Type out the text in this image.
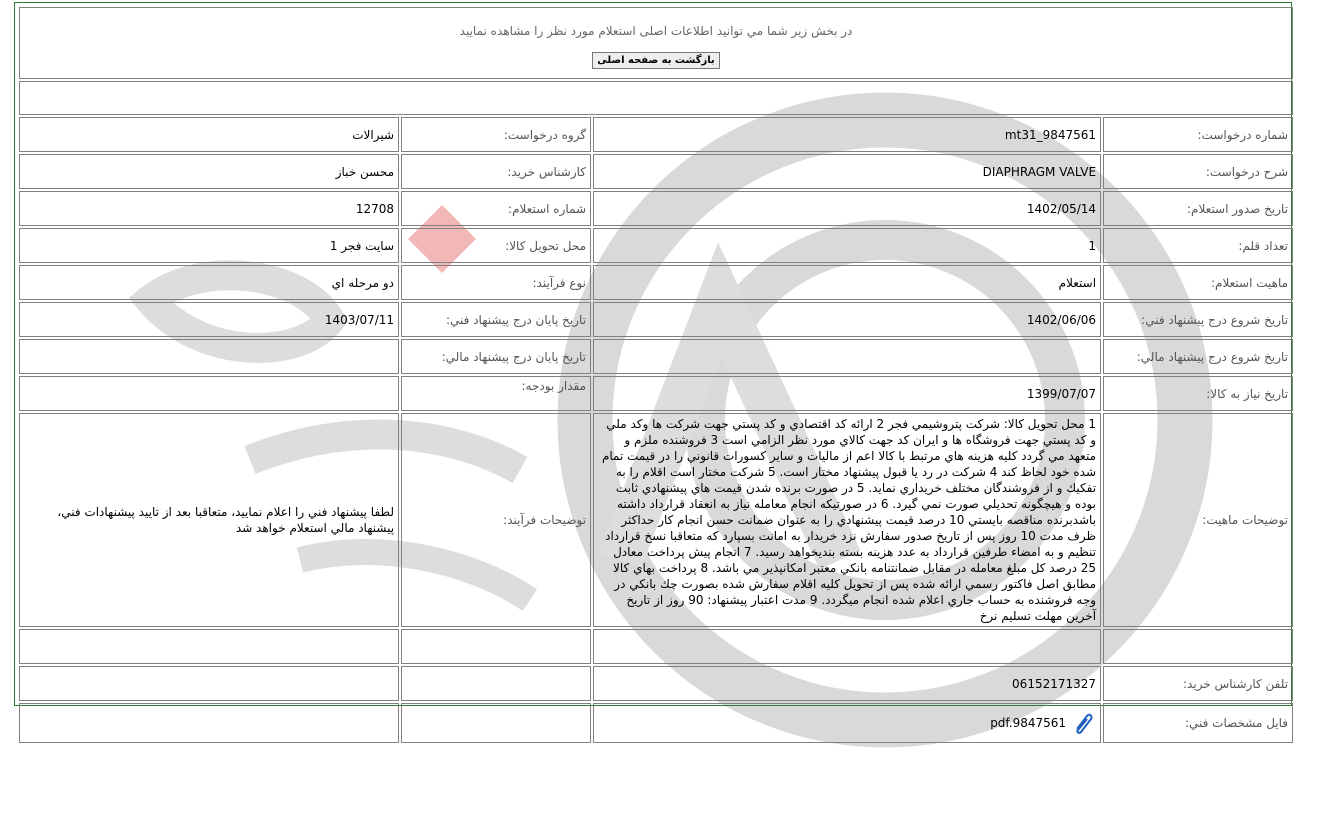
در بخش زير شما مي توانيد اطلاعات اصلی استعلام مورد نظر را مشاهده نماييد
بازگشت به صفحه اصلی			

شماره درخواست:	mt31_9847561	گروه درخواست:	شيرالات
شرح درخواست:	DIAPHRAGM VALVE	كارشناس خريد:	محسن خباز
تاريخ صدور استعلام:	1402/05/14	شماره استعلام:	12708
تعداد قلم:	1	محل تحويل كالا:	سايت فجر 1
ماهيت استعلام:	استعلام	نوع فرآيند:	دو مرحله اي
تاريخ شروع درج پيشنهاد فني:	1402/06/06	تاريخ پايان درج پيشنهاد فني:	1403/07/11
تاريخ شروع درج پيشنهاد مالي:		تاريخ پايان درج پيشنهاد مالي:	
تاريخ نياز به كالا:	1399/07/07	مقدار بودجه:	
توضيحات ماهيت:	1 محل تحويل كالا: شركت پتروشيمي فجر 2 ارائه كد اقتصادي و كد پستي جهت شركت ها وكد ملي و كد پستي جهت فروشگاه ها و ايران كد جهت كالاي مورد نظر الزامي است 3 فروشنده ملزم و متعهد مي گردد كليه هزينه هاي مرتبط با كالا اعم از ماليات و ساير كسورات قانوني را در قيمت تمام شده خود لحاظ كند 4 شركت در رد يا قبول پيشنهاد مختار است. 5 شركت مختار است اقلام را به تفكيك و از فروشندگان مختلف خريداري نمايد. 5 در صورت برنده شدن قيمت هاي پيشنهادي ثابت بوده و هيچگونه تحديلي صورت نمي گيرد. 6 در صورتيكه انجام معامله نياز به انعقاد قرارداد داشته باشدبرنده مناقصه بايستي 10 درصد قيمت پيشنهادي را به عنوان ضمانت حسن انجام كار حداكثر ظرف مدت 10 روز پس از تاريخ صدور سفارش نزد خريدار به امانت بسپارد كه متعاقبا نسخ قرارداد تنظيم و به امضاء طرفين قرارداد به عدد هزينه بسته بنديخواهد رسيد. 7 انجام پيش پرداخت معادل 25 درصد كل مبلغ معامله در مقابل ضمانتنامه بانكي معتبر امكانپذير مي باشد. 8 پرداخت بهاي كالا مطابق اصل فاكتور رسمي ارائه شده پس از تحويل كليه اقلام سفارش شده بصورت چك بانكي در وجه فروشنده به حساب جاري اعلام شده انجام ميگردد. 9 مدت اعتبار پيشنهاد: 90 روز از تاريخ آخرين مهلت تسليم نرخ	توضيحات فرآيند:	لطفا پيشنهاد فني را اعلام نماييد، متعاقبا بعد از تاييد پيشنهادات فني، پيشنهاد مالي استعلام خواهد شد

تلفن كارشناس خريد:	06152171327		
فايل مشخصات فني:	pdf.9847561		
